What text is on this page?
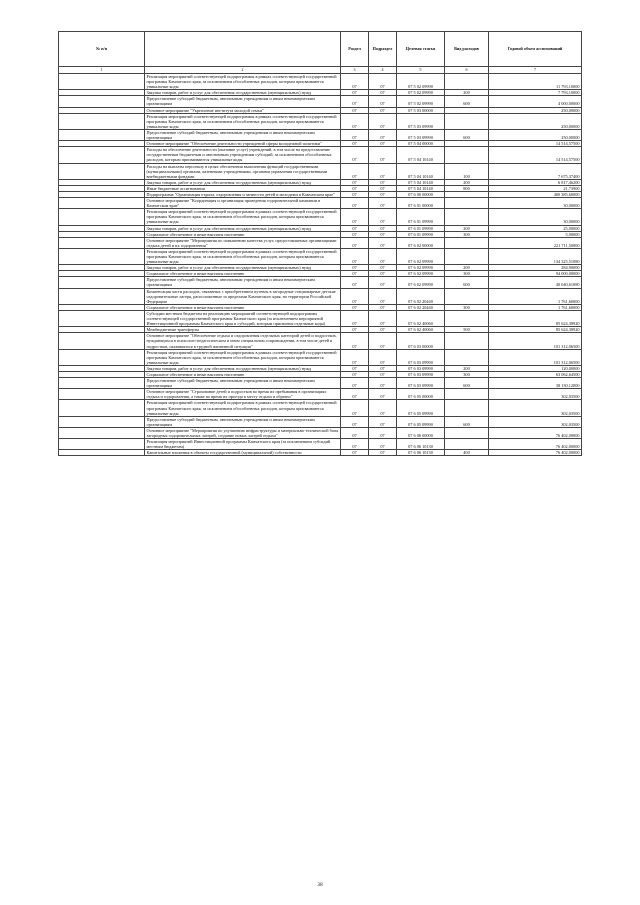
№ п/п		Раздел	Подраздел	Целевая статья	Вид расходов	Годовой объем ассигнований
1	2	3	4	5	6	7
	Реализация мероприятий соответствующей подпрограммы в рамках соответствующей государственной программы Камчатского края, за исключением обособленных расходов, которым присваиваются уникальные коды	07	07	07 5 02 09990		11 793,10000
	Закупка товаров, работ и услуг для обеспечения государственных (муниципальных) нужд	07	07	07 5 02 09990	200	7 793,10000
	Предоставление субсидий бюджетным, автономным учреждениям и иным некоммерческим организациям	07	07	07 5 02 09990	600	4 000,00000
	Основное мероприятие "Укрепление института молодой семьи"	07	07	07 5 03 00000		250,00000
	Реализация мероприятий соответствующей подпрограммы в рамках соответствующей государственной программы Камчатского края, за исключением обособленных расходов, которым присваиваются уникальные коды	07	07	07 5 03 09990		250,00000
	Предоставление субсидий бюджетным, автономным учреждениям и иным некоммерческим организациям	07	07	07 5 03 09990	600	250,00000
	Основное мероприятие "Обеспечение деятельности учреждений сферы молодежной политики"	07	07	07 5 04 00000		14 514,57500
	Расходы на обеспечение деятельности (оказание услуг) учреждений, в том числе на предоставление государственным бюджетным и автономным учреждениям субсидий, за исключением обособленных расходов, которым присваиваются уникальные коды	07	07	07 5 04 10140		14 514,57500
	Расходы на выплаты персоналу в целях обеспечения выполнения функций государственными (муниципальными) органами, казенными учреждениями, органами управления государственными внебюджетными фондами	07	07	07 5 04 10140	100	7 675,37400
	Закупка товаров, работ и услуг для обеспечения государственных (муниципальных) нужд	07	07	07 5 04 10140	200	6 817,46200
	Иные бюджетные ассигнования	07	07	07 5 04 10140	800	21,73900
	Подпрограмма "Организация отдыха, оздоровления и занятости детей и молодежи в Камчатском крае"	07	07	07 6 00 00000		400 385,60000
	Основное мероприятие "Координация и организация проведения оздоровительной кампании в Камчатском крае"	07	07	07 6 01 00000		30,00000
	Реализация мероприятий соответствующей подпрограммы в рамках соответствующей государственной программы Камчатского края, за исключением обособленных расходов, которым присваиваются уникальные коды	07	07	07 6 01 09990		30,00000
	Закупка товаров, работ и услуг для обеспечения государственных (муниципальных) нужд	07	07	07 6 01 09990	200	25,00000
	Социальное обеспечение и иные выплаты населению	07	07	07 6 01 09990	300	5,00000
	Основное мероприятие "Мероприятия по повышению качества услуг, предоставляемых организациями отдыха детей и их оздоровления"	07	07	07 6 02 00000		221 711,50000
	Реализация мероприятий соответствующей подпрограммы в рамках соответствующей государственной программы Камчатского края, за исключением обособленных расходов, которым присваиваются уникальные коды	07	07	07 6 02 09990		134 325,51080
	Закупка товаров, работ и услуг для обеспечения государственных (муниципальных) нужд	07	07	07 6 02 09990	200	284,90000
	Социальное обеспечение и иные выплаты населению	07	07	07 6 02 09990	300	94 000,00000
	Предоставление субсидий бюджетным, автономным учреждениям и иным некоммерческим организациям	07	07	07 6 02 09990	600	40 040,61080
	Компенсация части расходов, связанных с приобретением путевок в загородные стационарные детские оздоровительные лагеря, расположенные за пределами Камчатского края, на территории Российской Федерации	07	07	07 6 02 20440		1 761,60000
	Социальное обеспечение и иные выплаты населению	07	07	07 6 02 20440	300	1 761,60000
	Субсидии местным бюджетам на реализацию мероприятий соответствующей подпрограммы соответствующей государственной программы Камчатского края (за исключением мероприятий Инвестиционной программы Камчатского края и субсидий, которым присвоены отдельные коды)	07	07	07 6 02 40060		85 624,38920
	Межбюджетные трансферты	07	07	07 6 02 40060	500	85 624,38920
	Основное мероприятие "Обеспечение отдыха и оздоровления отдельных категорий детей и подростков, нуждающихся в психолого-педагогическом и ином специальном сопровождении, в том числе детей и подростков, оказавшихся в трудной жизненной ситуации"	07	07	07 6 03 00000		101 312,06500
	Реализация мероприятий соответствующей подпрограммы в рамках соответствующей государственной программы Камчатского края, за исключением обособленных расходов, которым присваиваются уникальные коды	07	07	07 6 03 09990		101 312,06500
	Закупка товаров, работ и услуг для обеспечения государственных (муниципальных) нужд	07	07	07 6 03 09990	200	120,00000
	Социальное обеспечение и иные выплаты населению	07	07	07 6 03 09990	300	63 062,64500
	Предоставление субсидий бюджетным, автономным учреждениям и иным некоммерческим организациям	07	07	07 6 03 09990	600	38 130,12000
	Основное мероприятие "Страхование детей и подростков во время их пребывания в организациях отдыха и оздоровления, а также во время их проезда к месту отдыха и обратно"	07	07	07 6 05 00000		302,03500
	Реализация мероприятий соответствующей подпрограммы в рамках соответствующей государственной программы Камчатского края, за исключением обособленных расходов, которым присваиваются уникальные коды	07	07	07 6 05 09990		302,03500
	Предоставление субсидий бюджетным, автономным учреждениям и иным некоммерческим организациям	07	07	07 6 05 09990	600	302,03500
	Основное мероприятие "Мероприятия по улучшению инфраструктуры и материально-технической базы загородных оздоровительных лагерей, создание новых лагерей отдыха"	07	07	07 6 06 00000		76 402,00000
	Реализация мероприятий Инвестиционной программы Камчатского края (за исключением субсидий местным бюджетам)	07	07	07 6 06 10130		76 402,00000
	Капитальные вложения в объекты государственной (муниципальной) собственности	07	07	07 6 06 10130	400	76 402,00000
38
